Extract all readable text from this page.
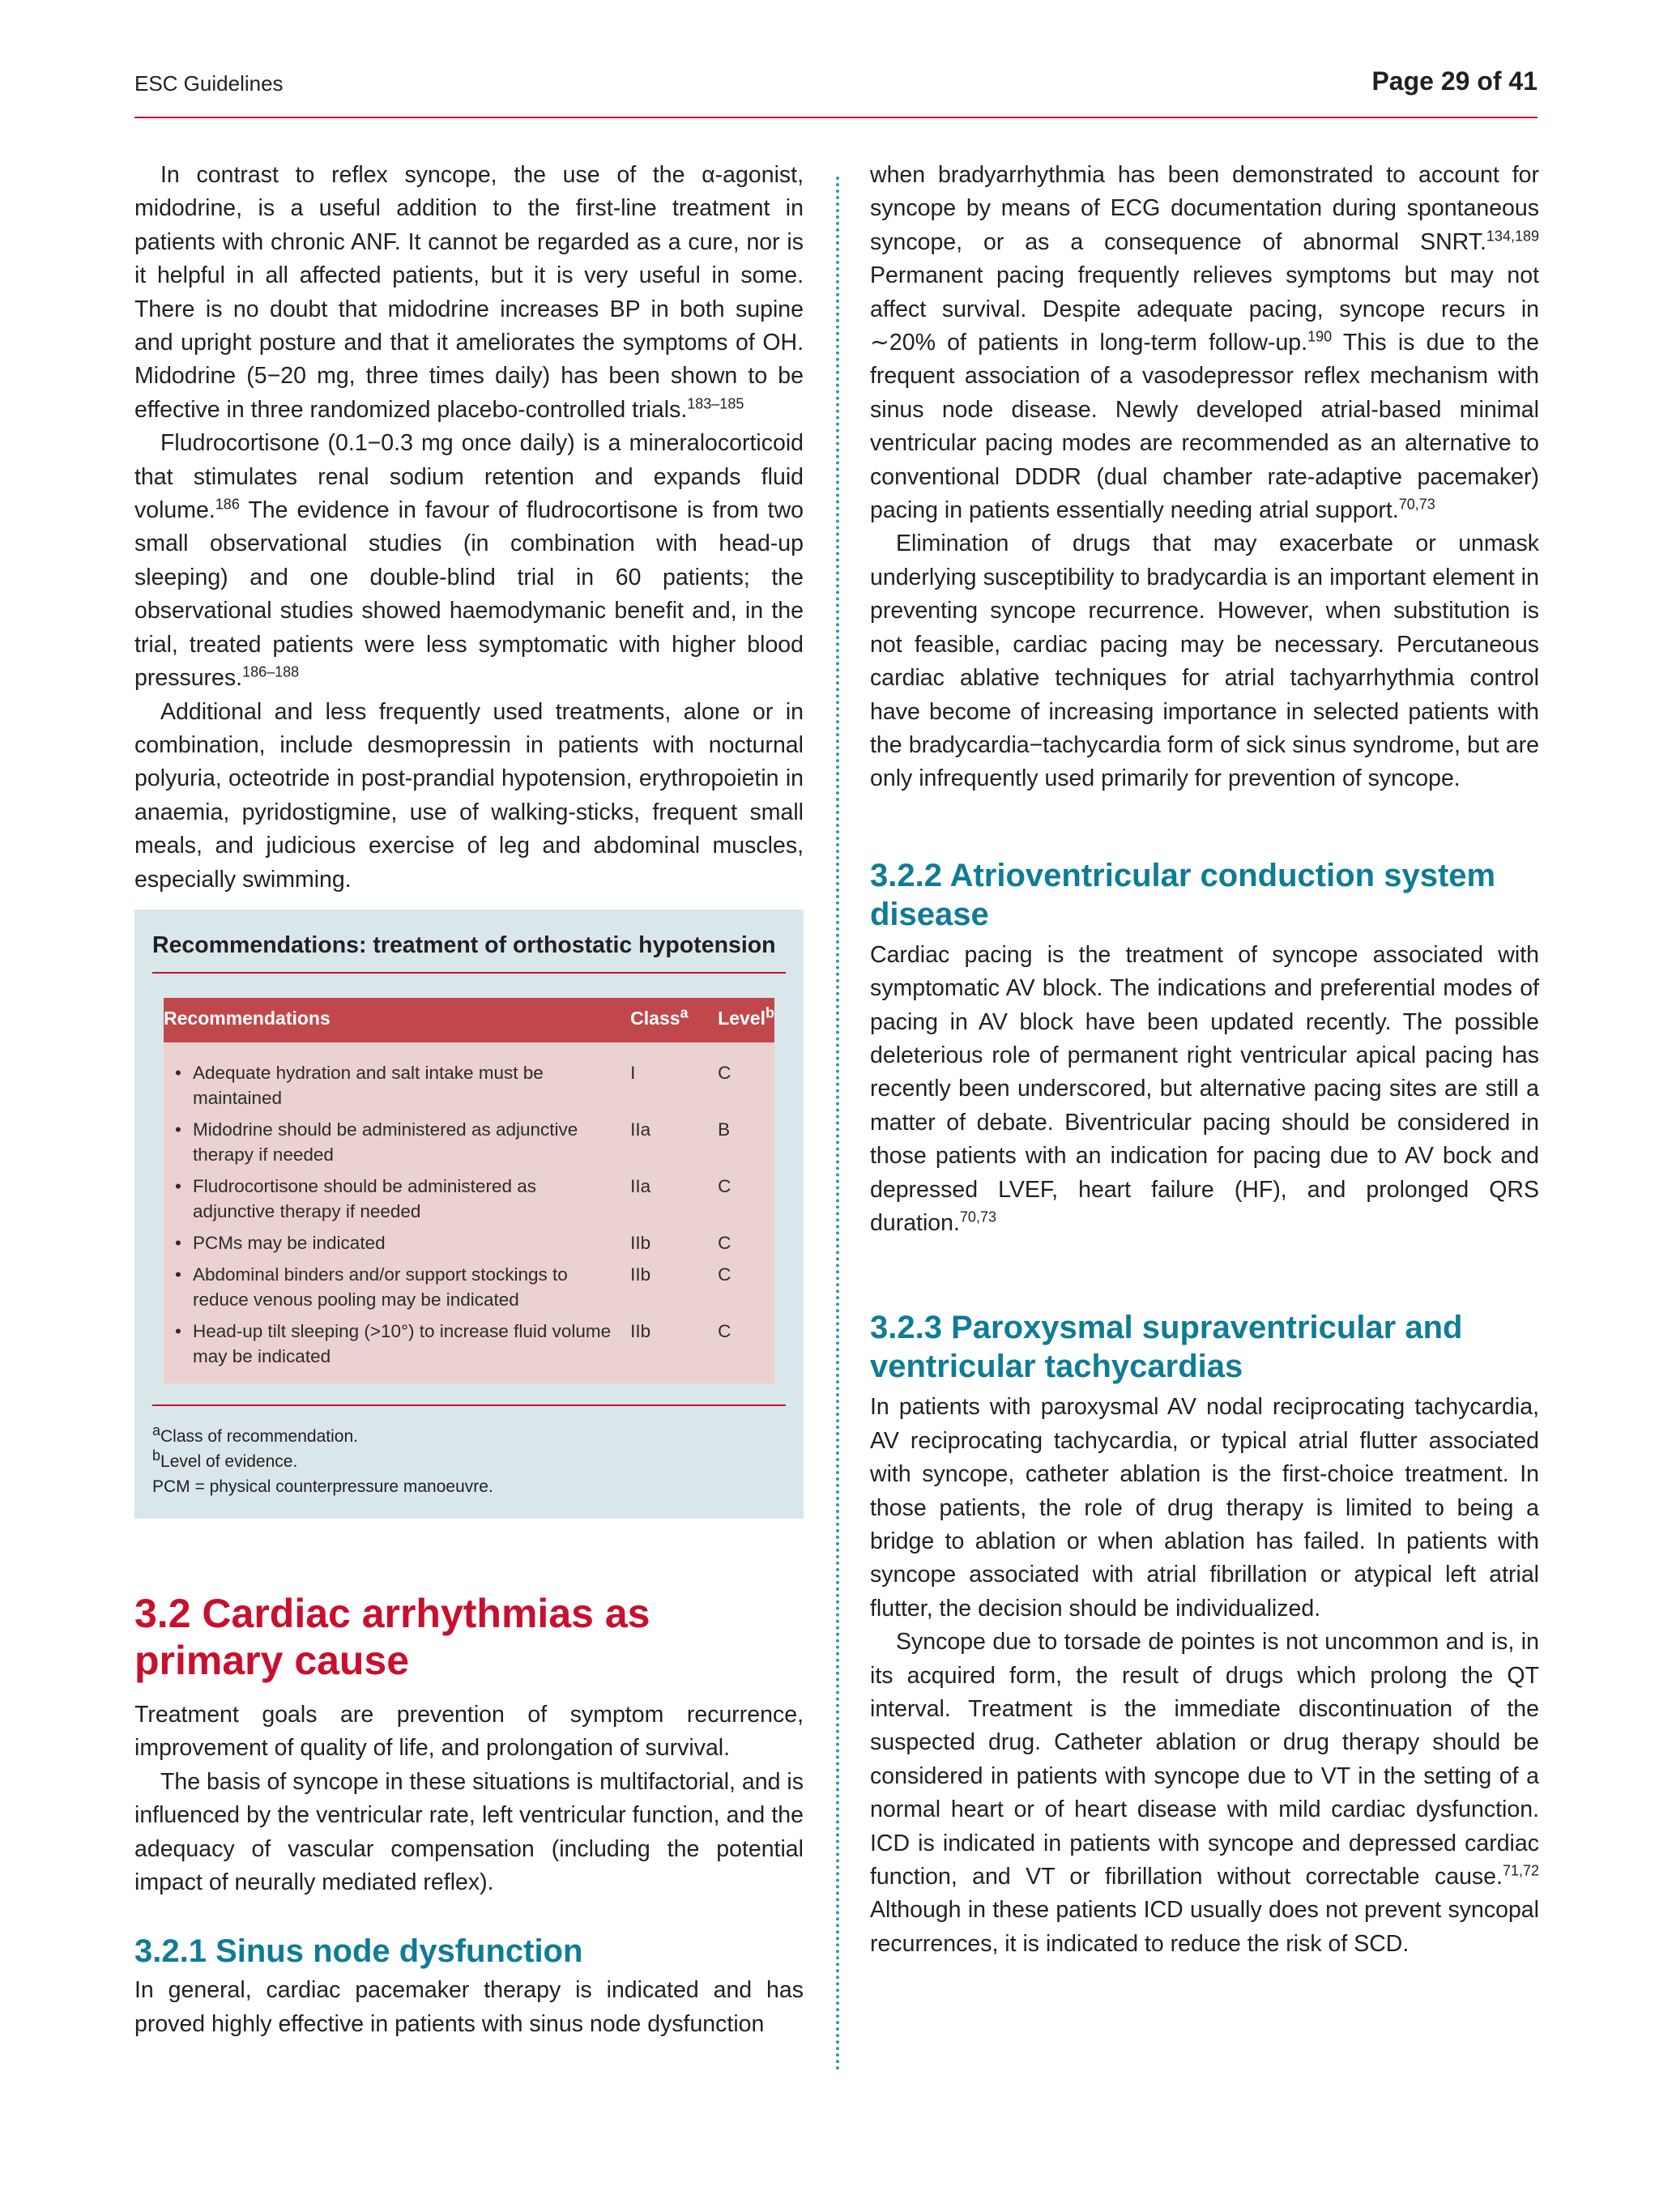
ESC Guidelines	Page 29 of 41

In contrast to reflex syncope, the use of the α-agonist, midodrine, is a useful addition to the first-line treatment in patients with chronic ANF. It cannot be regarded as a cure, nor is it helpful in all affected patients, but it is very useful in some. There is no doubt that midodrine increases BP in both supine and upright posture and that it ameliorates the symptoms of OH. Midodrine (5−20 mg, three times daily) has been shown to be effective in three randomized placebo-controlled trials.$^{183-185}$

Fludrocortisone (0.1−0.3 mg once daily) is a mineralocorticoid that stimulates renal sodium retention and expands fluid volume.$^{186}$ The evidence in favour of fludrocortisone is from two small observational studies (in combination with head-up sleeping) and one double-blind trial in 60 patients; the observational studies showed haemodymanic benefit and, in the trial, treated patients were less symptomatic with higher blood pressures.$^{186-188}$

Additional and less frequently used treatments, alone or in combination, include desmopressin in patients with nocturnal polyuria, octeotride in post-prandial hypotension, erythropoietin in anaemia, pyridostigmine, use of walking-sticks, frequent small meals, and judicious exercise of leg and abdominal muscles, especially swimming.

Recommendations: treatment of orthostatic hypotension
Recommendations		Class$^a$	Level$^b$
•	Adequate hydration and salt intake must be maintained	I	C
•	Midodrine should be administered as adjunctive therapy if needed	IIa	B
•	Fludrocortisone should be administered as adjunctive therapy if needed	IIa	C
•	PCMs may be indicated	IIb	C
•	Abdominal binders and/or support stockings to reduce venous pooling may be indicated	IIb	C
•	Head-up tilt sleeping (>10°) to increase fluid volume may be indicated	IIb	C
$^a$Class of recommendation.
$^b$Level of evidence.
PCM = physical counterpressure manoeuvre.
3.2 Cardiac arrhythmias as primary cause

Treatment goals are prevention of symptom recurrence, improvement of quality of life, and prolongation of survival.

The basis of syncope in these situations is multifactorial, and is influenced by the ventricular rate, left ventricular function, and the adequacy of vascular compensation (including the potential impact of neurally mediated reflex).

3.2.1 Sinus node dysfunction

In general, cardiac pacemaker therapy is indicated and has proved highly effective in patients with sinus node dysfunction

when bradyarrhythmia has been demonstrated to account for syncope by means of ECG documentation during spontaneous syncope, or as a consequence of abnormal SNRT.$^{134,189}$ Permanent pacing frequently relieves symptoms but may not affect survival. Despite adequate pacing, syncope recurs in ∼20% of patients in long-term follow-up.$^{190}$ This is due to the frequent association of a vasodepressor reflex mechanism with sinus node disease. Newly developed atrial-based minimal ventricular pacing modes are recommended as an alternative to conventional DDDR (dual chamber rate-adaptive pacemaker) pacing in patients essentially needing atrial support.$^{70,73}$

Elimination of drugs that may exacerbate or unmask underlying susceptibility to bradycardia is an important element in preventing syncope recurrence. However, when substitution is not feasible, cardiac pacing may be necessary. Percutaneous cardiac ablative techniques for atrial tachyarrhythmia control have become of increasing importance in selected patients with the bradycardia−tachycardia form of sick sinus syndrome, but are only infrequently used primarily for prevention of syncope.

3.2.2 Atrioventricular conduction system disease

Cardiac pacing is the treatment of syncope associated with symptomatic AV block. The indications and preferential modes of pacing in AV block have been updated recently. The possible deleterious role of permanent right ventricular apical pacing has recently been underscored, but alternative pacing sites are still a matter of debate. Biventricular pacing should be considered in those patients with an indication for pacing due to AV bock and depressed LVEF, heart failure (HF), and prolonged QRS duration.$^{70,73}$

3.2.3 Paroxysmal supraventricular and ventricular tachycardias

In patients with paroxysmal AV nodal reciprocating tachycardia, AV reciprocating tachycardia, or typical atrial flutter associated with syncope, catheter ablation is the first-choice treatment. In those patients, the role of drug therapy is limited to being a bridge to ablation or when ablation has failed. In patients with syncope associated with atrial fibrillation or atypical left atrial flutter, the decision should be individualized.

Syncope due to torsade de pointes is not uncommon and is, in its acquired form, the result of drugs which prolong the QT interval. Treatment is the immediate discontinuation of the suspected drug. Catheter ablation or drug therapy should be considered in patients with syncope due to VT in the setting of a normal heart or of heart disease with mild cardiac dysfunction. ICD is indicated in patients with syncope and depressed cardiac function, and VT or fibrillation without correctable cause.$^{71,72}$ Although in these patients ICD usually does not prevent syncopal recurrences, it is indicated to reduce the risk of SCD.
